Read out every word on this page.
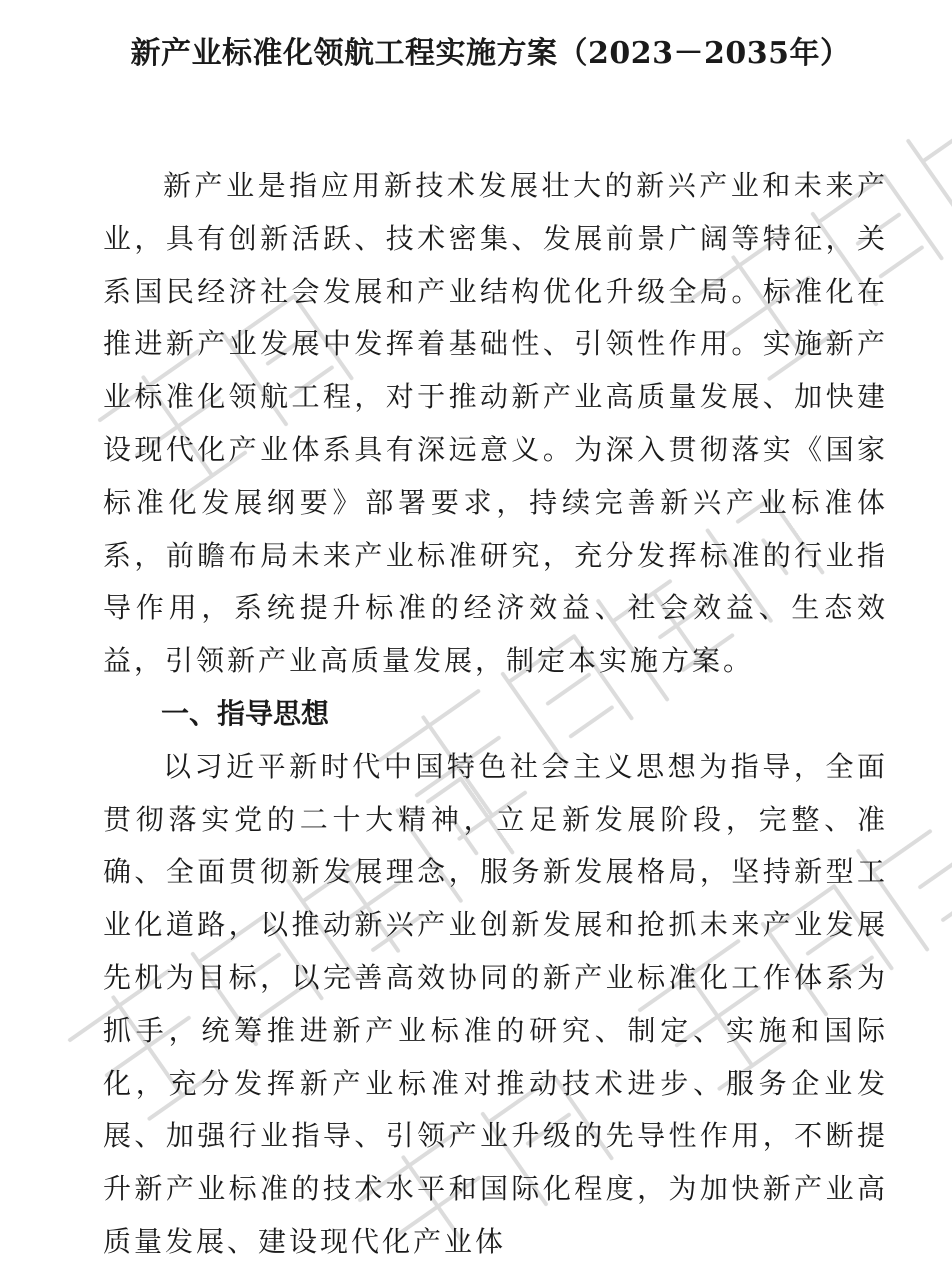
新产业标准化领航工程实施方案（2023－2035年）

新产业是指应用新技术发展壮大的新兴产业和未来产业，具有创新活跃、技术密集、发展前景广阔等特征，关系国民经济社会发展和产业结构优化升级全局。标准化在推进新产业发展中发挥着基础性、引领性作用。实施新产业标准化领航工程，对于推动新产业高质量发展、加快建设现代化产业体系具有深远意义。为深入贯彻落实《国家标准化发展纲要》部署要求，持续完善新兴产业标准体系，前瞻布局未来产业标准研究，充分发挥标准的行业指导作用，系统提升标准的经济效益、社会效益、生态效益，引领新产业高质量发展，制定本实施方案。

一、指导思想

以习近平新时代中国特色社会主义思想为指导，全面贯彻落实党的二十大精神，立足新发展阶段，完整、准确、全面贯彻新发展理念，服务新发展格局，坚持新型工业化道路，以推动新兴产业创新发展和抢抓未来产业发展先机为目标，以完善高效协同的新产业标准化工作体系为抓手，统筹推进新产业标准的研究、制定、实施和国际化，充分发挥新产业标准对推动技术进步、服务企业发展、加强行业指导、引领产业升级的先导性作用，不断提升新产业标准的技术水平和国际化程度，为加快新产业高质量发展、建设现代化产业体
